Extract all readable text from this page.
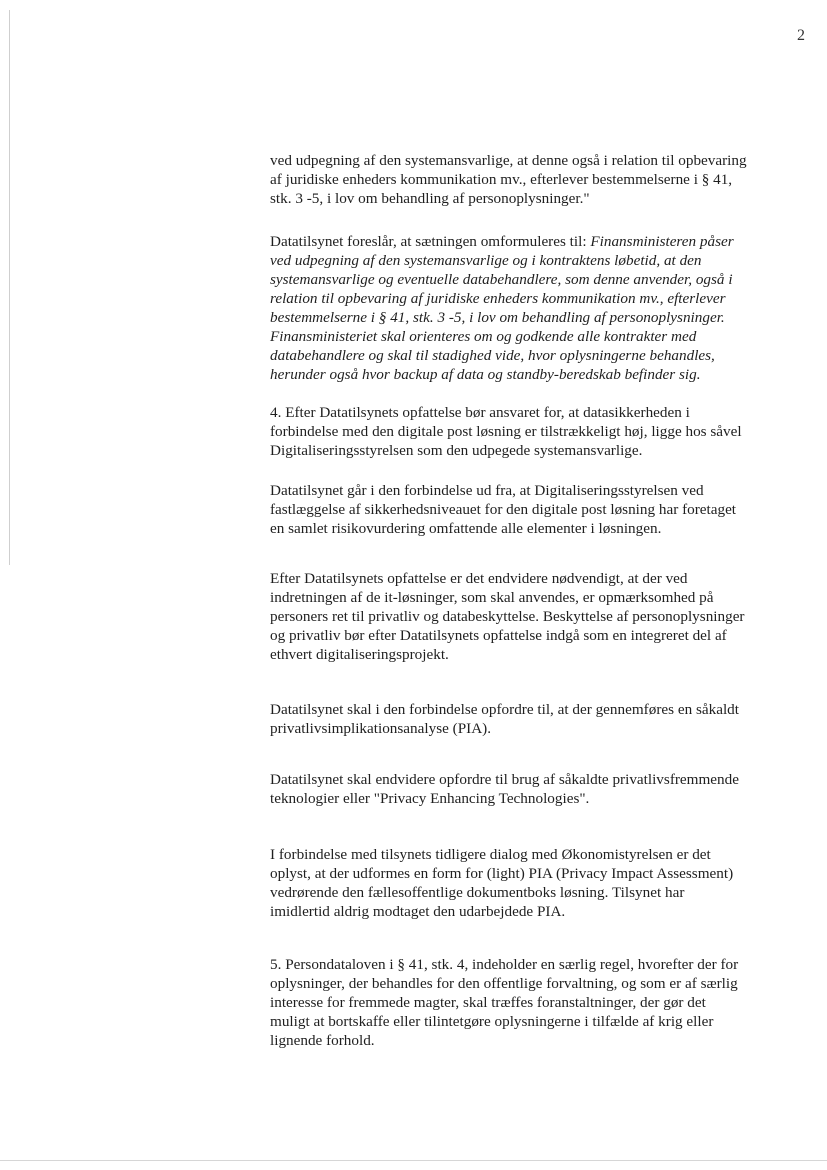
2

ved udpegning af den systemansvarlige, at denne også i relation til opbevaring
af juridiske enheders kommunikation mv., efterlever bestemmelserne i § 41,
stk. 3 -5, i lov om behandling af personoplysninger."

Datatilsynet foreslår, at sætningen omformuleres til: Finansministeren påser
ved udpegning af den systemansvarlige og i kontraktens løbetid, at den
systemansvarlige og eventuelle databehandlere, som denne anvender, også i
relation til opbevaring af juridiske enheders kommunikation mv., efterlever
bestemmelserne i § 41, stk. 3 -5, i lov om behandling af personoplysninger.
Finansministeriet skal orienteres om og godkende alle kontrakter med
databehandlere og skal til stadighed vide, hvor oplysningerne behandles,
herunder også hvor backup af data og standby-beredskab befinder sig.

4. Efter Datatilsynets opfattelse bør ansvaret for, at datasikkerheden i
forbindelse med den digitale post løsning er tilstrækkeligt høj, ligge hos såvel
Digitaliseringsstyrelsen som den udpegede systemansvarlige.

Datatilsynet går i den forbindelse ud fra, at Digitaliseringsstyrelsen ved
fastlæggelse af sikkerhedsniveauet for den digitale post løsning har foretaget
en samlet risikovurdering omfattende alle elementer i løsningen.

Efter Datatilsynets opfattelse er det endvidere nødvendigt, at der ved
indretningen af de it-løsninger, som skal anvendes, er opmærksomhed på
personers ret til privatliv og databeskyttelse. Beskyttelse af personoplysninger
og privatliv bør efter Datatilsynets opfattelse indgå som en integreret del af
ethvert digitaliseringsprojekt.

Datatilsynet skal i den forbindelse opfordre til, at der gennemføres en såkaldt
privatlivsimplikationsanalyse (PIA).

Datatilsynet skal endvidere opfordre til brug af såkaldte privatlivsfremmende
teknologier eller "Privacy Enhancing Technologies".

I forbindelse med tilsynets tidligere dialog med Økonomistyrelsen er det
oplyst, at der udformes en form for (light) PIA (Privacy Impact Assessment)
vedrørende den fællesoffentlige dokumentboks løsning. Tilsynet har
imidlertid aldrig modtaget den udarbejdede PIA.

5. Persondataloven i § 41, stk. 4, indeholder en særlig regel, hvorefter der for
oplysninger, der behandles for den offentlige forvaltning, og som er af særlig
interesse for fremmede magter, skal træffes foranstaltninger, der gør det
muligt at bortskaffe eller tilintetgøre oplysningerne i tilfælde af krig eller
lignende forhold.
